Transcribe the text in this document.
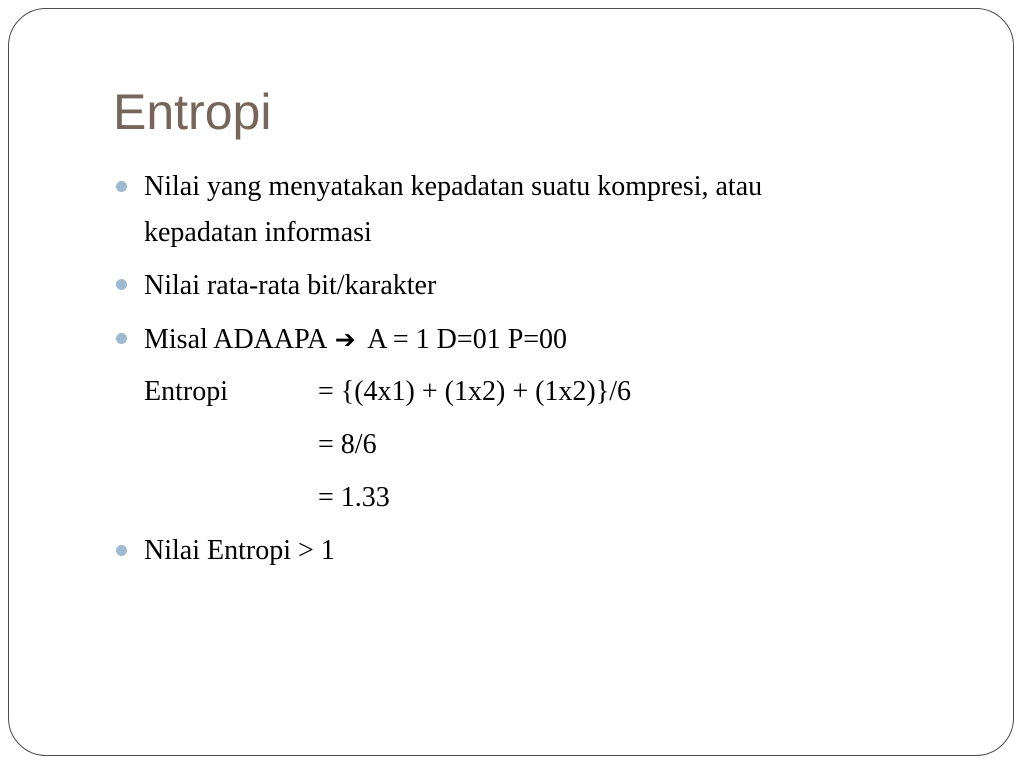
Entropi
Nilai yang menyatakan kepadatan suatu kompresi, atau
kepadatan informasi
Nilai rata-rata bit/karakter
Misal ADAAPA ➔ A = 1 D=01 P=00
Entropi	= {(4x1) + (1x2) + (1x2)}/6
= 8/6
= 1.33
Nilai Entropi > 1
